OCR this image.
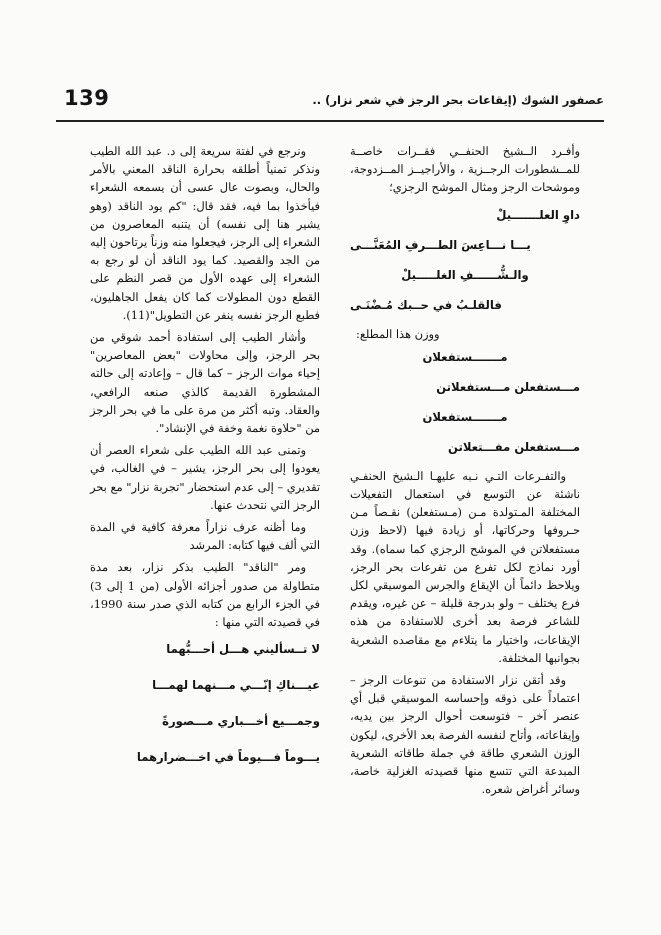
139	عصفور الشوك (إيقاعات بحر الرجز في شعر نزار) ..

وأفـرد الــشيخ الحنفــي فقــرات خاصــة للمــشطورات الرجــزية ، والأراجيــز المــزدوجة، وموشحات الرجز ومثال الموشح الرجزي؛

داوِ العلـــــــيلْ
يـــا نـــاعِسَ الطـــرفِ المُعَنَّـــى
والـشُّــــــفِ الغلـــــيلْ
فالقلـبُ في حــبك مُـضْنَـى

ووزن هذا المطلع:

مـــــــستفعلان
مـــستفعلن مـــستفعلاتن
مـــــــستفعلان
مـــستفعلن مفـــتعلاتن

والتفـرعات التـي نـبه عليهـا الـشيخ الحنفـي ناشئة عن التوسع في استعمال التفعيلات المختلفة المـتولدة مـن (مـستفعلن) نقـصاً مـن حـروفها وحركاتها، أو زيادة فيها (لاحظ وزن مستفعلاتن في الموشح الرجزي كما سماه). وقد أورد نماذج لكل تفرع من تفرعات بحر الرجز، ويلاحظ دائماً أن الإيقاع والجرس الموسيقي لكل فرع يختلف – ولو بدرجة قليلة – عن غيره، ويقدم للشاعر فرصة بعد أخرى للاستفادة من هذه الإيقاعات، واختيار ما يتلاءم مع مقاصده الشعرية بجوانبها المختلفة.

وقد أتقن نزار الاستفادة من تنوعات الرجز – اعتماداً على ذوقه وإحساسه الموسيقي قبل أي عنصر آخر – فتوسعت أحوال الرجز بين يديه، وإيقاعاته، وأتاح لنفسه الفرصة بعد الأخرى، ليكون الوزن الشعري طاقة في جملة طاقاته الشعرية المبدعة التي تتسع منها قصيدته الغزلية خاصة، وسائر أغراض شعره.

ونرجع في لفتة سريعة إلى د. عبد الله الطيب ونذكر تمنياً أطلقه بحرارة الناقد المعني بالأمر والحال، وبصوت عال عسى أن يسمعه الشعراء فيأخذوا بما فيه، فقد قال: "كم يود الناقد (وهو يشير هنا إلى نفسه) أن يتنبه المعاصرون من الشعراء إلى الرجز، فيجعلوا منه وزناً يرتاحون إليه من الجد والقصيد. كما يود الناقد أن لو رجع به الشعراء إلى عهده الأول من قصر النظم على القطع دون المطولات كما كان يفعل الجاهليون، فطبع الرجز نفسه ينفر عن التطويل"(11).

وأشار الطيب إلى استفادة أحمد شوقي من بحر الرجز، وإلى محاولات "بعض المعاصرين" إحياء موات الرجز – كما قال – وإعادته إلى حالته المشطورة القديمة كالذي صنعه الرافعي، والعقاد. وتبه أكثر من مرة على ما في بحر الرجز من "حلاوة نغمة وخفة في الإنشاد".

وتمنى عبد الله الطيب على شعراء العصر أن يعودوا إلى بحر الرجز، يشير – في الغالب، في تقديري – إلى عدم استحضار "تجربة نزار" مع بحر الرجز التي نتحدث عنها.

وما أظنه عرف نزاراً معرفة كافية في المدة التي ألف فيها كتابه: المرشد

ومر "الناقد" الطيب بذكر نزار، بعد مدة متطاولة من صدور أجزائه الأولى (من 1 إلى 3) في الجزء الرابع من كتابه الذي صدر سنة 1990، في قصيدته التي منها :

لا تــسأليني هـــل أحـــبُّهما
عيـــناكِ إنّـــي مـــنهما لهمـــا
وجمـــيع أخـــباري مـــصورةً
يـــوماً فـــيوماً في اخـــضرارهما
